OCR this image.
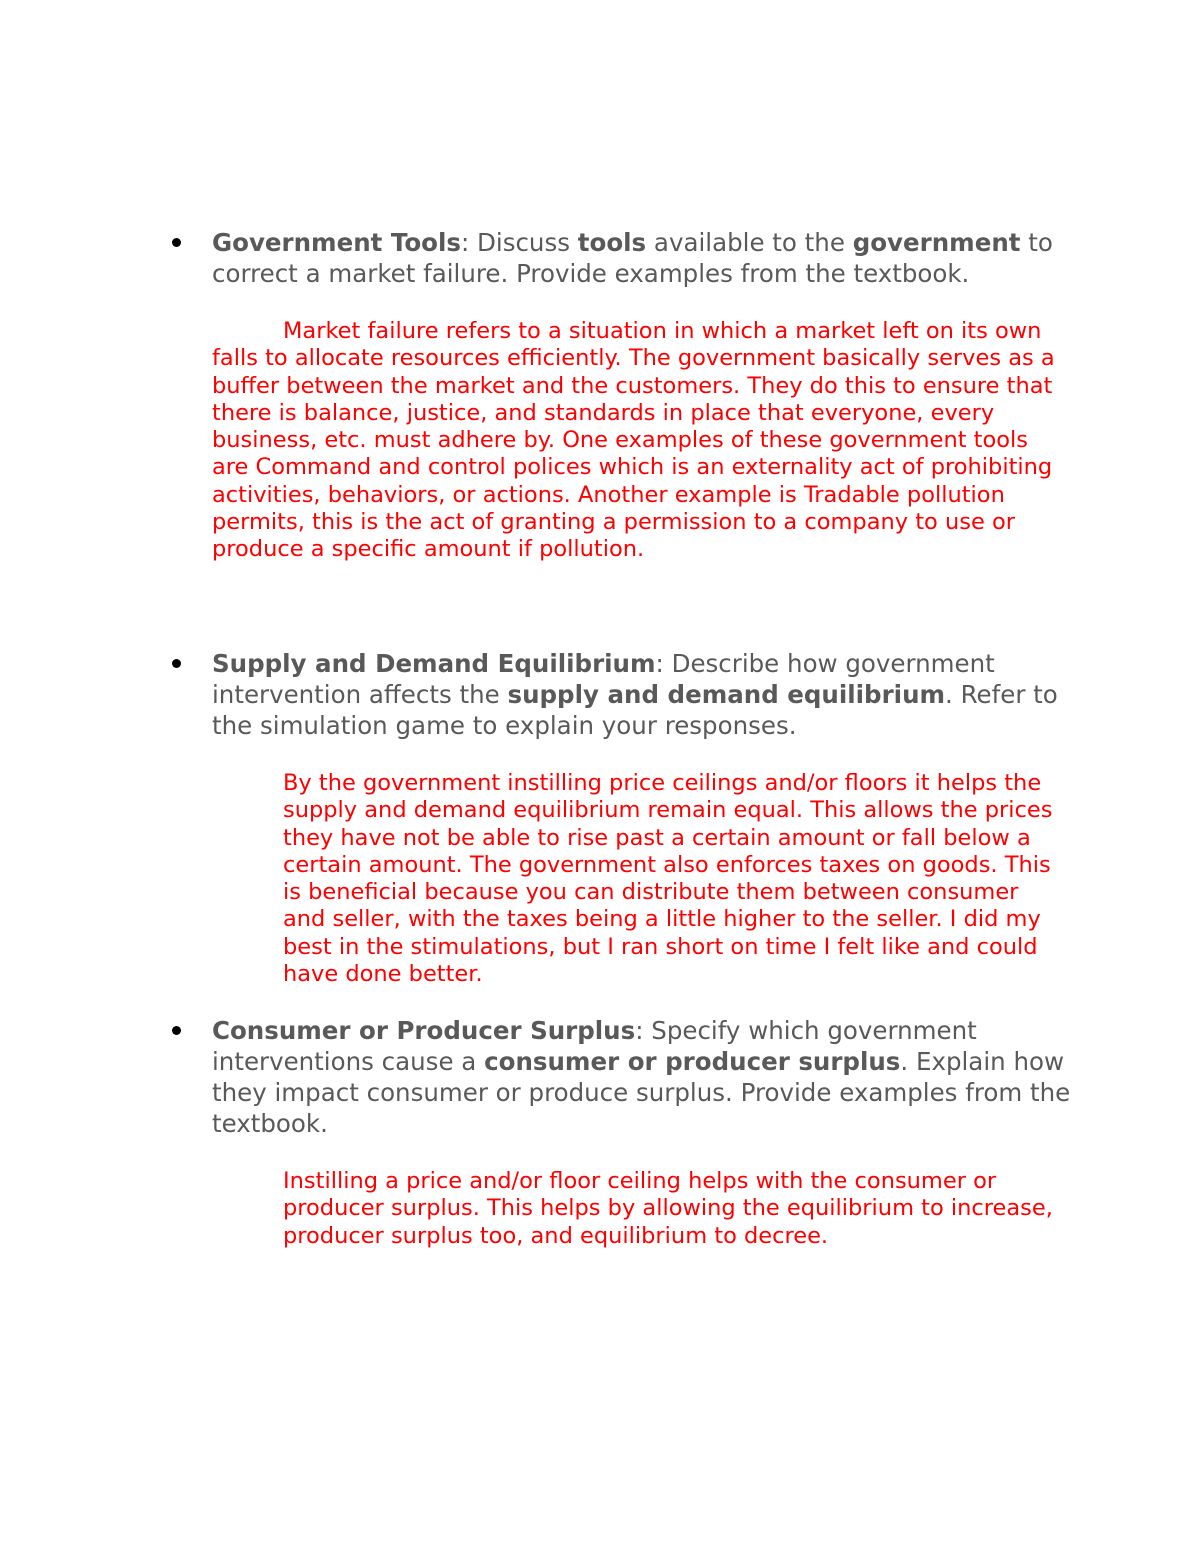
Government Tools: Discuss tools available to the government to correct a market failure. Provide examples from the textbook.

Market failure refers to a situation in which a market left on its own falls to allocate resources efficiently. The government basically serves as a buffer between the market and the customers. They do this to ensure that there is balance, justice, and standards in place that everyone, every business, etc. must adhere by. One examples of these government tools are Command and control polices which is an externality act of prohibiting activities, behaviors, or actions. Another example is Tradable pollution permits, this is the act of granting a permission to a company to use or produce a specific amount if pollution.

Supply and Demand Equilibrium: Describe how government intervention affects the supply and demand equilibrium. Refer to the simulation game to explain your responses.

By the government instilling price ceilings and/or floors it helps the supply and demand equilibrium remain equal. This allows the prices they have not be able to rise past a certain amount or fall below a certain amount. The government also enforces taxes on goods. This is beneficial because you can distribute them between consumer and seller, with the taxes being a little higher to the seller. I did my best in the stimulations, but I ran short on time I felt like and could have done better.

Consumer or Producer Surplus: Specify which government interventions cause a consumer or producer surplus. Explain how they impact consumer or produce surplus. Provide examples from the textbook.

Instilling a price and/or floor ceiling helps with the consumer or producer surplus. This helps by allowing the equilibrium to increase, producer surplus too, and equilibrium to decree.
